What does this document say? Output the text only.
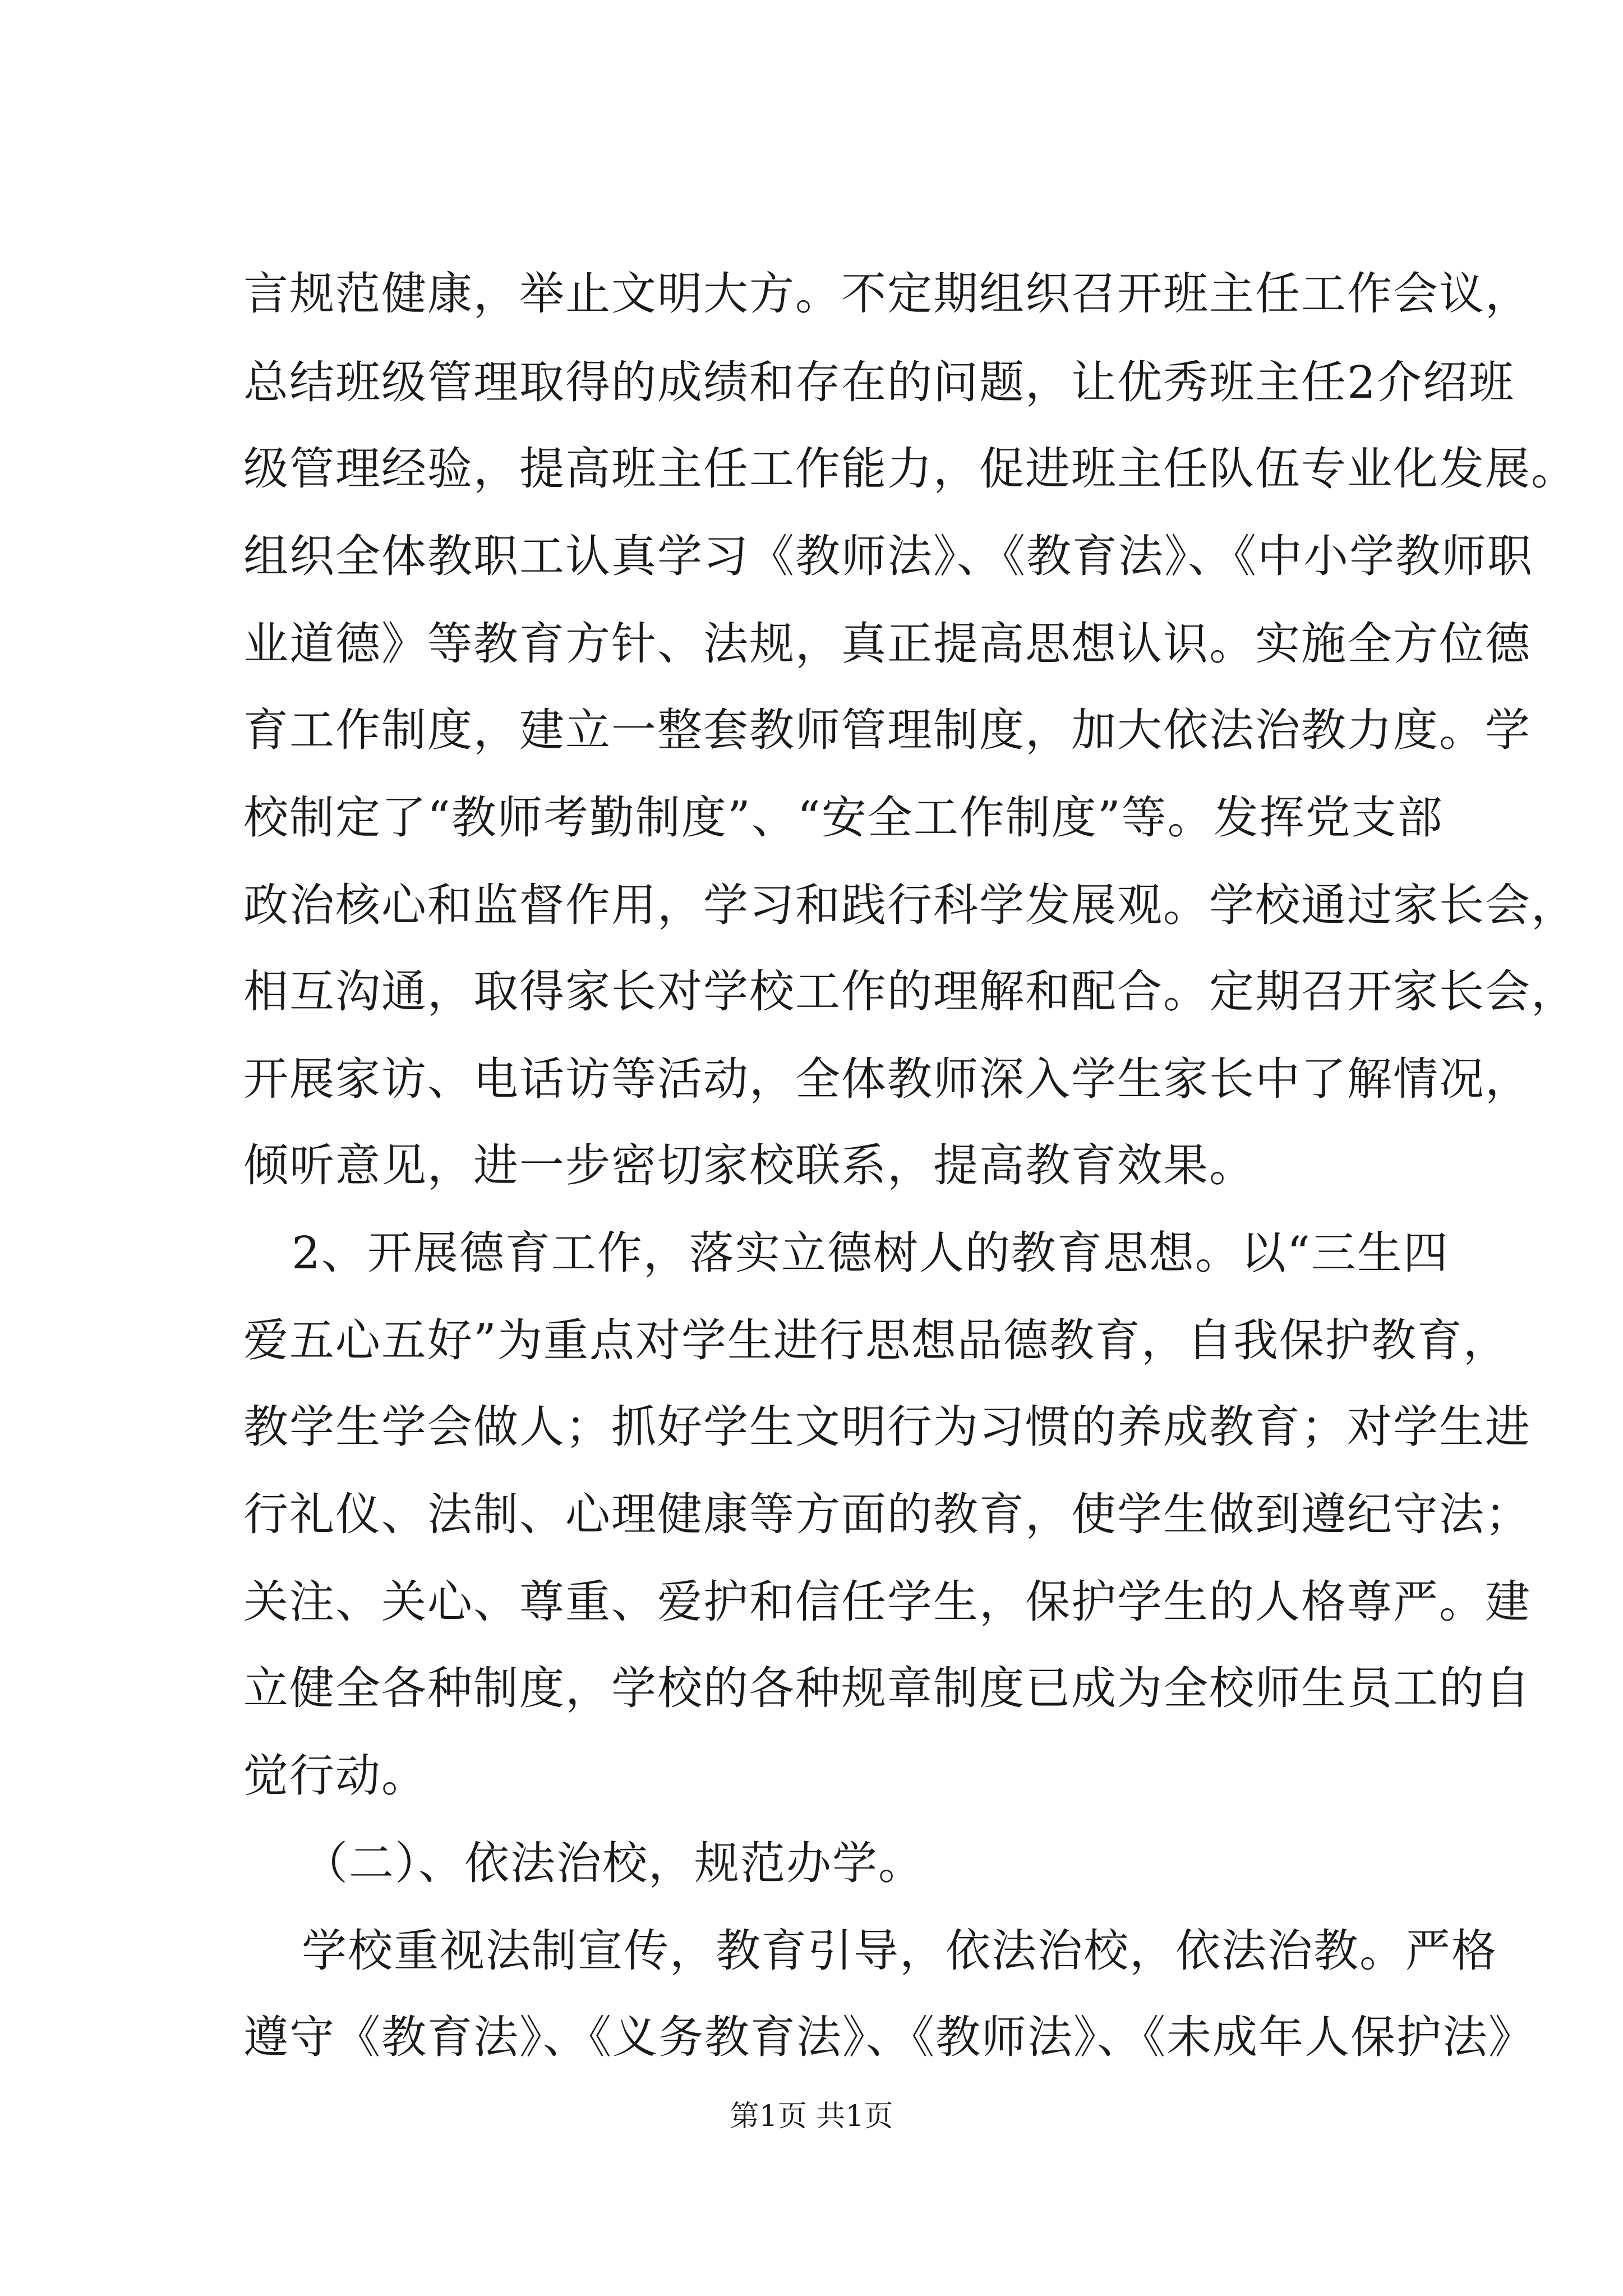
言规范健康，举止文明大方。不定期组织召开班主任工作会议，
总结班级管理取得的成绩和存在的问题，让优秀班主任2介绍班
级管理经验，提高班主任工作能力，促进班主任队伍专业化发展。
组织全体教职工认真学习《教师法》、《教育法》、《中小学教师职
业道德》等教育方针、法规，真正提高思想认识。实施全方位德
育工作制度，建立一整套教师管理制度，加大依法治教力度。学
校制定了“教师考勤制度”、“安全工作制度”等。发挥党支部
政治核心和监督作用，学习和践行科学发展观。学校通过家长会，
相互沟通，取得家长对学校工作的理解和配合。定期召开家长会，
开展家访、电话访等活动，全体教师深入学生家长中了解情况，
倾听意见，进一步密切家校联系，提高教育效果。
2、开展德育工作，落实立德树人的教育思想。以“三生四
爱五心五好”为重点对学生进行思想品德教育，自我保护教育，
教学生学会做人；抓好学生文明行为习惯的养成教育；对学生进
行礼仪、法制、心理健康等方面的教育，使学生做到遵纪守法；
关注、关心、尊重、爱护和信任学生，保护学生的人格尊严。建
立健全各种制度，学校的各种规章制度已成为全校师生员工的自
觉行动。
（二）、依法治校，规范办学。
学校重视法制宣传，教育引导，依法治校，依法治教。严格
遵守《教育法》、《义务教育法》、《教师法》、《未成年人保护法》
第1页 共1页
